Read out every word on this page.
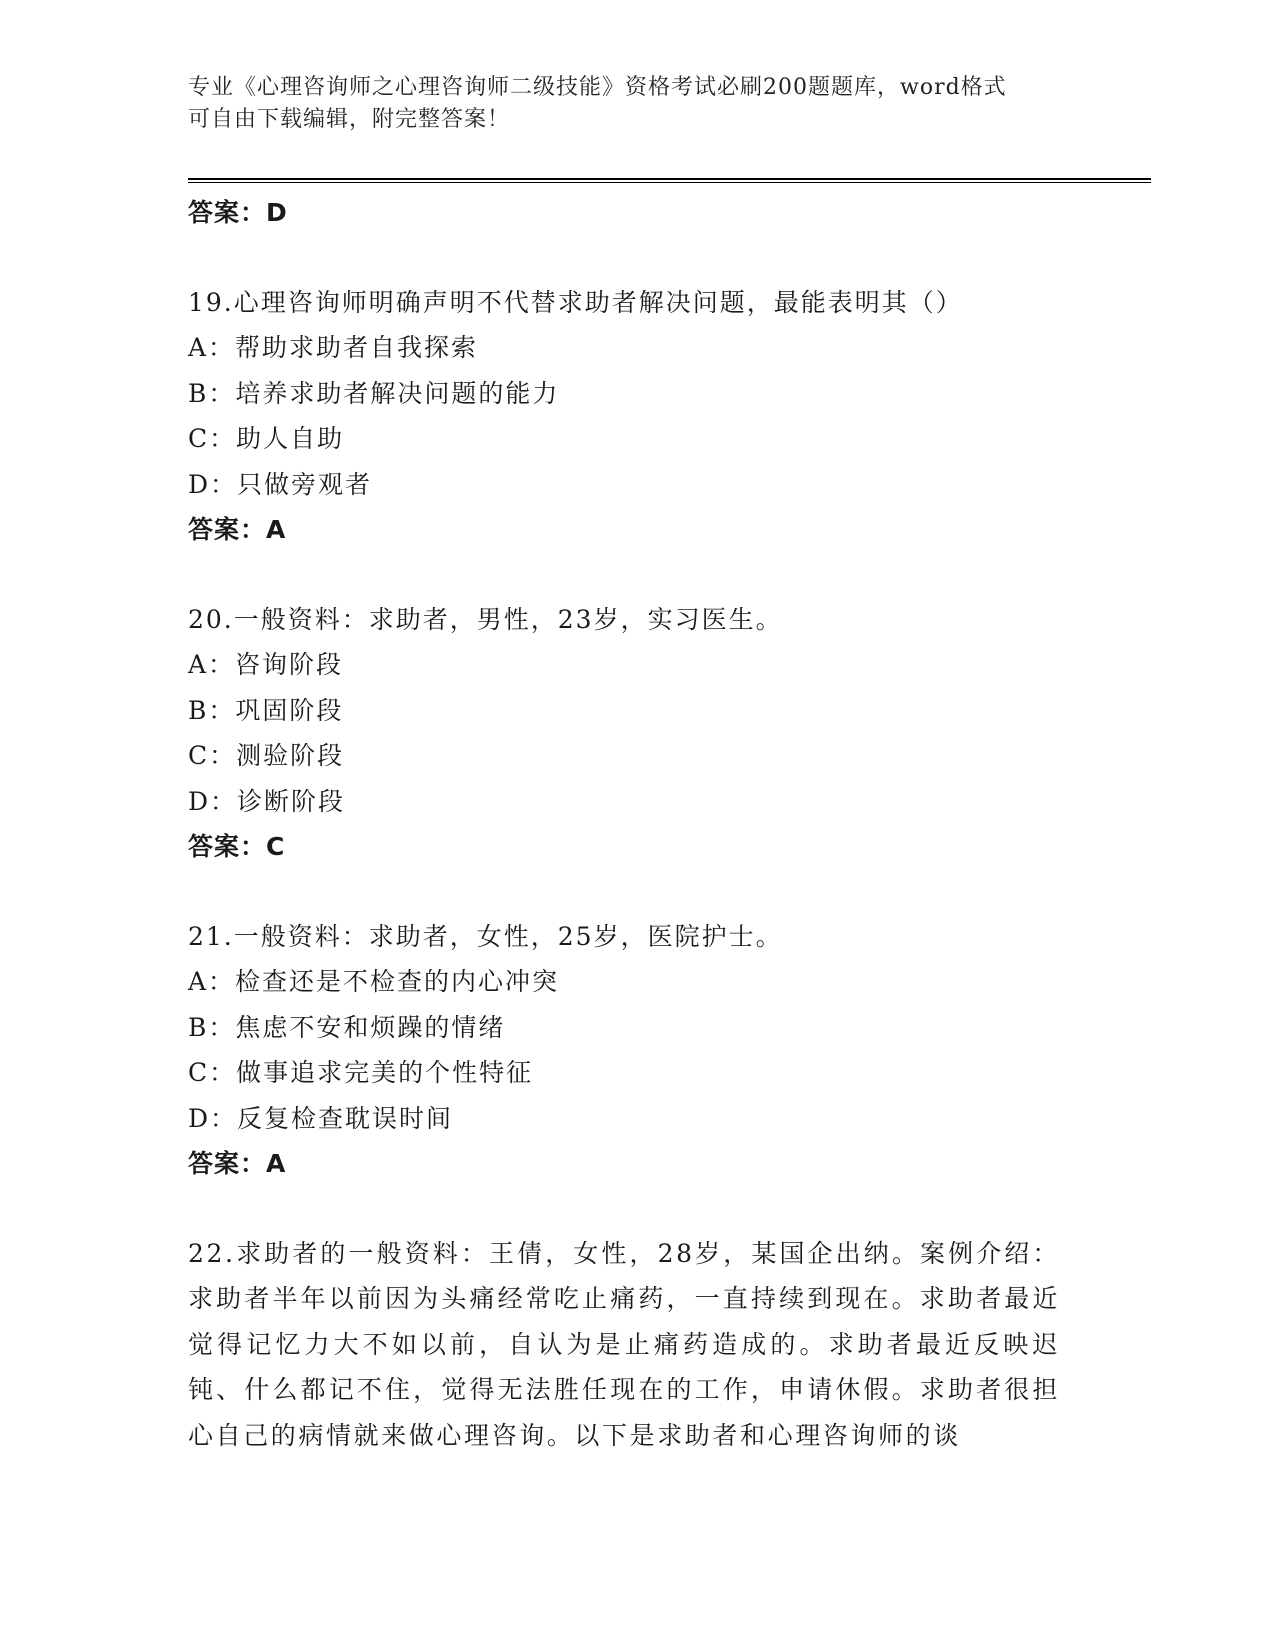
专业《心理咨询师之心理咨询师二级技能》资格考试必刷200题题库，word格式
可自由下载编辑，附完整答案！
答案：D
19.心理咨询师明确声明不代替求助者解决问题，最能表明其（）
A：帮助求助者自我探索
B：培养求助者解决问题的能力
C：助人自助
D：只做旁观者
答案：A
20.一般资料：求助者，男性，23岁，实习医生。
A：咨询阶段
B：巩固阶段
C：测验阶段
D：诊断阶段
答案：C
21.一般资料：求助者，女性，25岁，医院护士。
A：检查还是不检查的内心冲突
B：焦虑不安和烦躁的情绪
C：做事追求完美的个性特征
D：反复检查耽误时间
答案：A
22.求助者的一般资料：王倩，女性，28岁，某国企出纳。案例介绍：求助者半年以前因为头痛经常吃止痛药，一直持续到现在。求助者最近觉得记忆力大不如以前，自认为是止痛药造成的。求助者最近反映迟钝、什么都记不住，觉得无法胜任现在的工作，申请休假。求助者很担心自己的病情就来做心理咨询。以下是求助者和心理咨询师的谈
